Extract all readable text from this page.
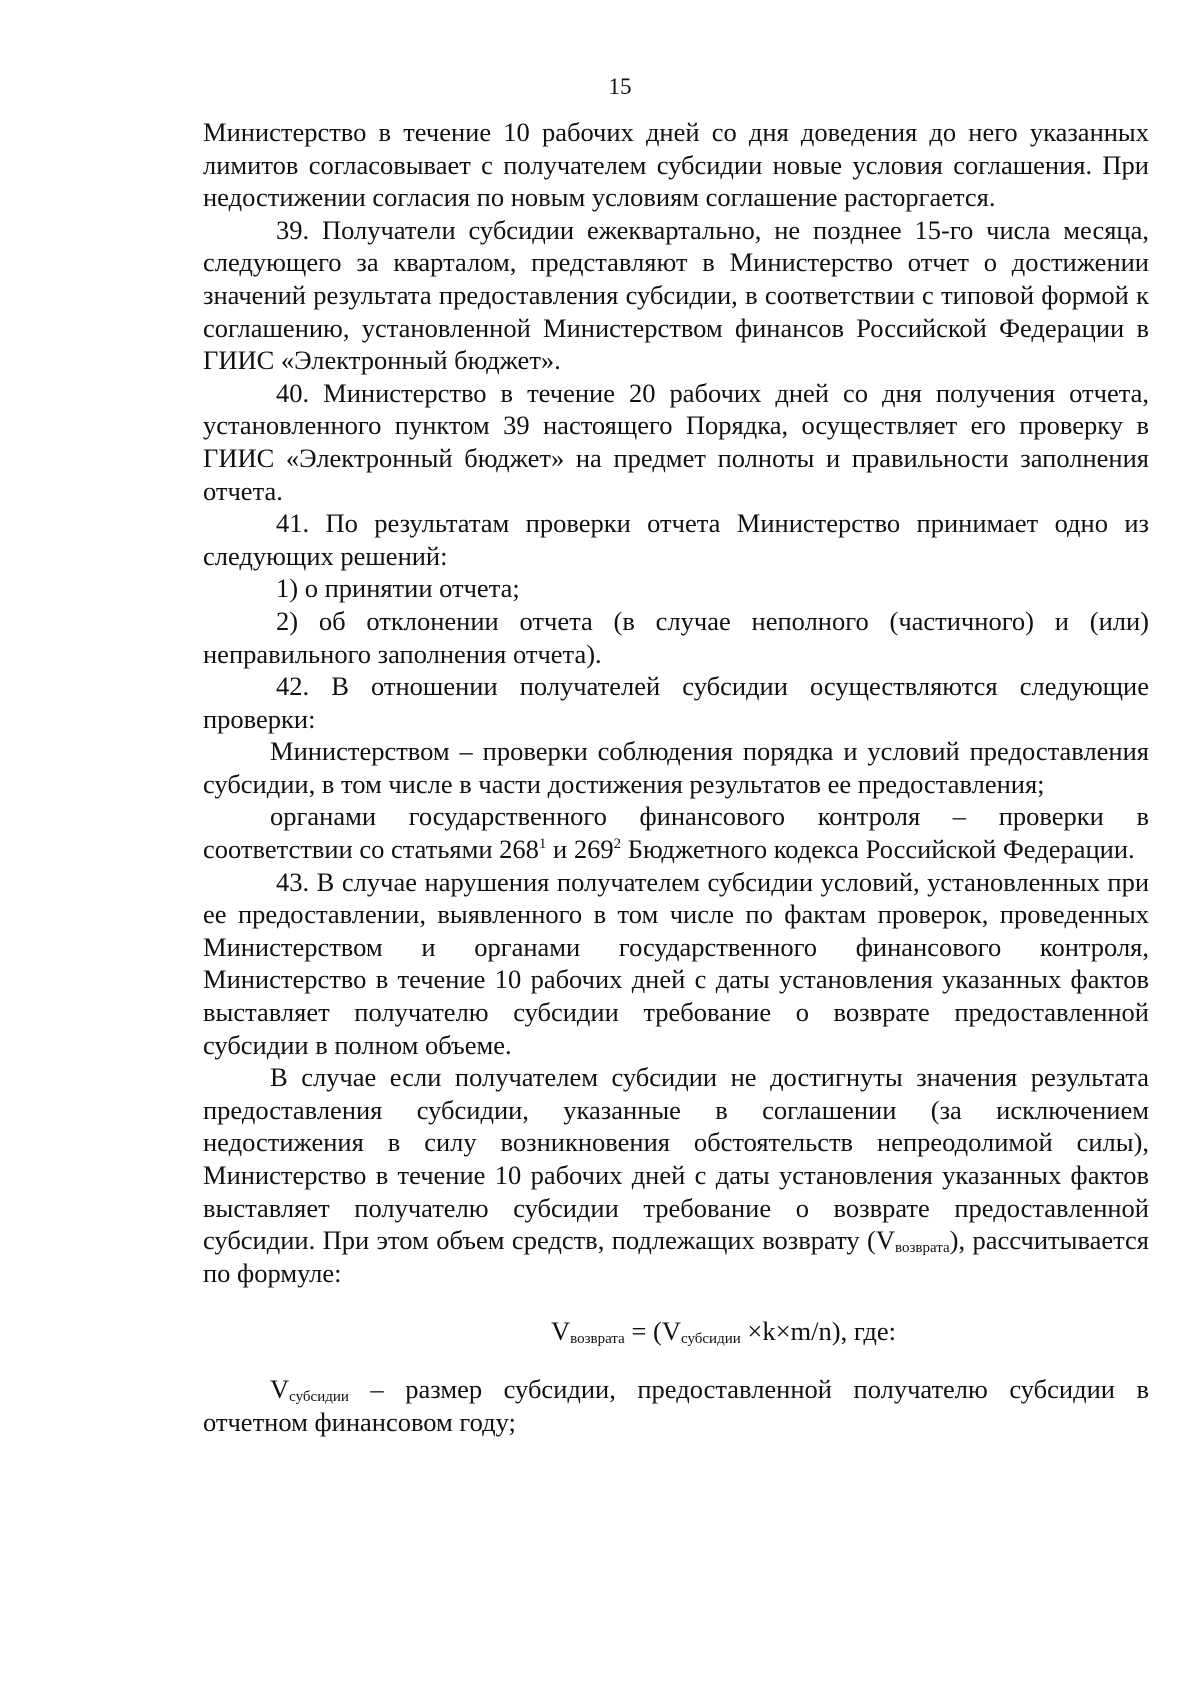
15

Министерство в течение 10 рабочих дней со дня доведения до него указанных лимитов согласовывает с получателем субсидии новые условия соглашения. При недостижении согласия по новым условиям соглашение расторгается.

39. Получатели субсидии ежеквартально, не позднее 15-го числа месяца, следующего за кварталом, представляют в Министерство отчет о достижении значений результата предоставления субсидии, в соответствии с типовой формой к соглашению, установленной Министерством финансов Российской Федерации в ГИИС «Электронный бюджет».

40. Министерство в течение 20 рабочих дней со дня получения отчета, установленного пунктом 39 настоящего Порядка, осуществляет его проверку в ГИИС «Электронный бюджет» на предмет полноты и правильности заполнения отчета.

41. По результатам проверки отчета Министерство принимает одно из следующих решений:

1) о принятии отчета;

2) об отклонении отчета (в случае неполного (частичного) и (или) неправильного заполнения отчета).

42. В отношении получателей субсидии осуществляются следующие проверки:

Министерством – проверки соблюдения порядка и условий предоставления субсидии, в том числе в части достижения результатов ее предоставления;

органами государственного финансового контроля – проверки в соответствии со статьями $268^1$ и $269^2$ Бюджетного кодекса Российской Федерации.

43. В случае нарушения получателем субсидии условий, установленных при ее предоставлении, выявленного в том числе по фактам проверок, проведенных Министерством и органами государственного финансового контроля, Министерство в течение 10 рабочих дней с даты установления указанных фактов выставляет получателю субсидии требование о возврате предоставленной субсидии в полном объеме.

В случае если получателем субсидии не достигнуты значения результата предоставления субсидии, указанные в соглашении (за исключением недостижения в силу возникновения обстоятельств непреодолимой силы), Министерство в течение 10 рабочих дней с даты установления указанных фактов выставляет получателю субсидии требование о возврате предоставленной субсидии. При этом объем средств, подлежащих возврату $(V_{возврата})$, рассчитывается по формуле:

$V_{возврата} = (V_{субсидии} \times k\times m/n)$, где:

$V_{субсидии}$ – размер субсидии, предоставленной получателю субсидии в отчетном финансовом году;
